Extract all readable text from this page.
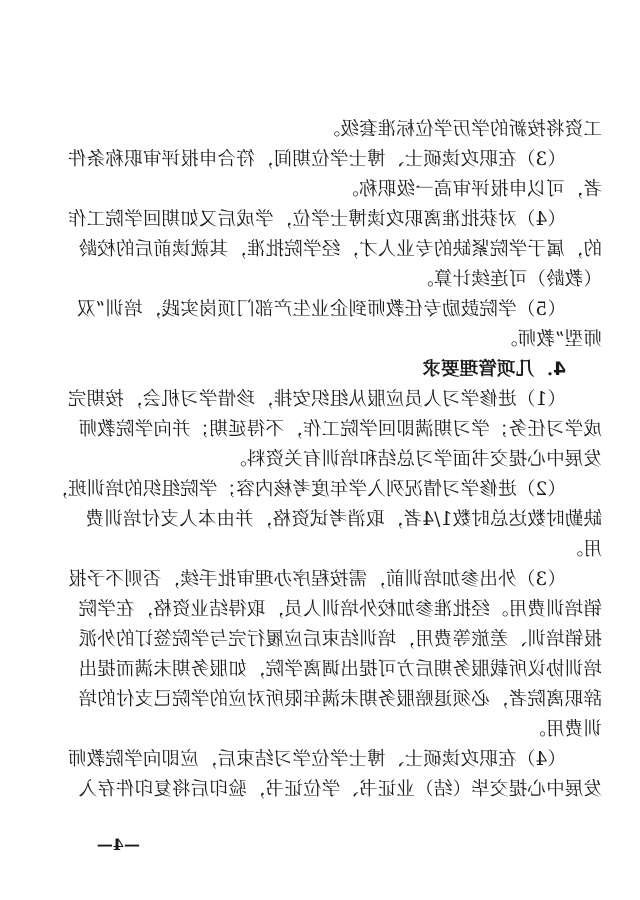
工资将按新的学历学位标准套级。
（3）在职攻读硕士、博士学位期间，符合申报评审职称条件
者，可以申报评审高一级职称。
（4）对获批准离职攻读博士学位，学成后又如期回学院工作
的，属于学院紧缺的专业人才，经学院批准，其就读前后的校龄
（教龄）可连续计算。
（5）学院鼓励专任教师到企业生产部门顶岗实践，培训“双
师型”教师。
4．几项管理要求
（1）进修学习人员应服从组织安排，珍惜学习机会，按期完
成学习任务；学习期满即回学院工作，不得延期；并向学院教师
发展中心提交书面学习总结和培训有关资料。
（2）进修学习情况列入学年度考核内容；学院组织的培训班，
缺勤时数达总时数1/4者，取消考试资格，并由本人支付培训费
用。
（3）外出参加培训前，需按程序办理审批手续，否则不予报
销培训费用。经批准参加校外培训人员，取得结业资格，在学院
报销培训、差旅等费用，培训结束后应履行完与学院签订的外派
培训协议所载服务期后方可提出调离学院，如服务期未满而提出
辞职离院者，必须退赔服务期未满年限所对应的学院已支付的培
训费用。
（4）在职攻读硕士、博士学位学习结束后，应即向学院教师
发展中心提交毕（结）业证书、学位证书，验印后将复印件存入
—4—
